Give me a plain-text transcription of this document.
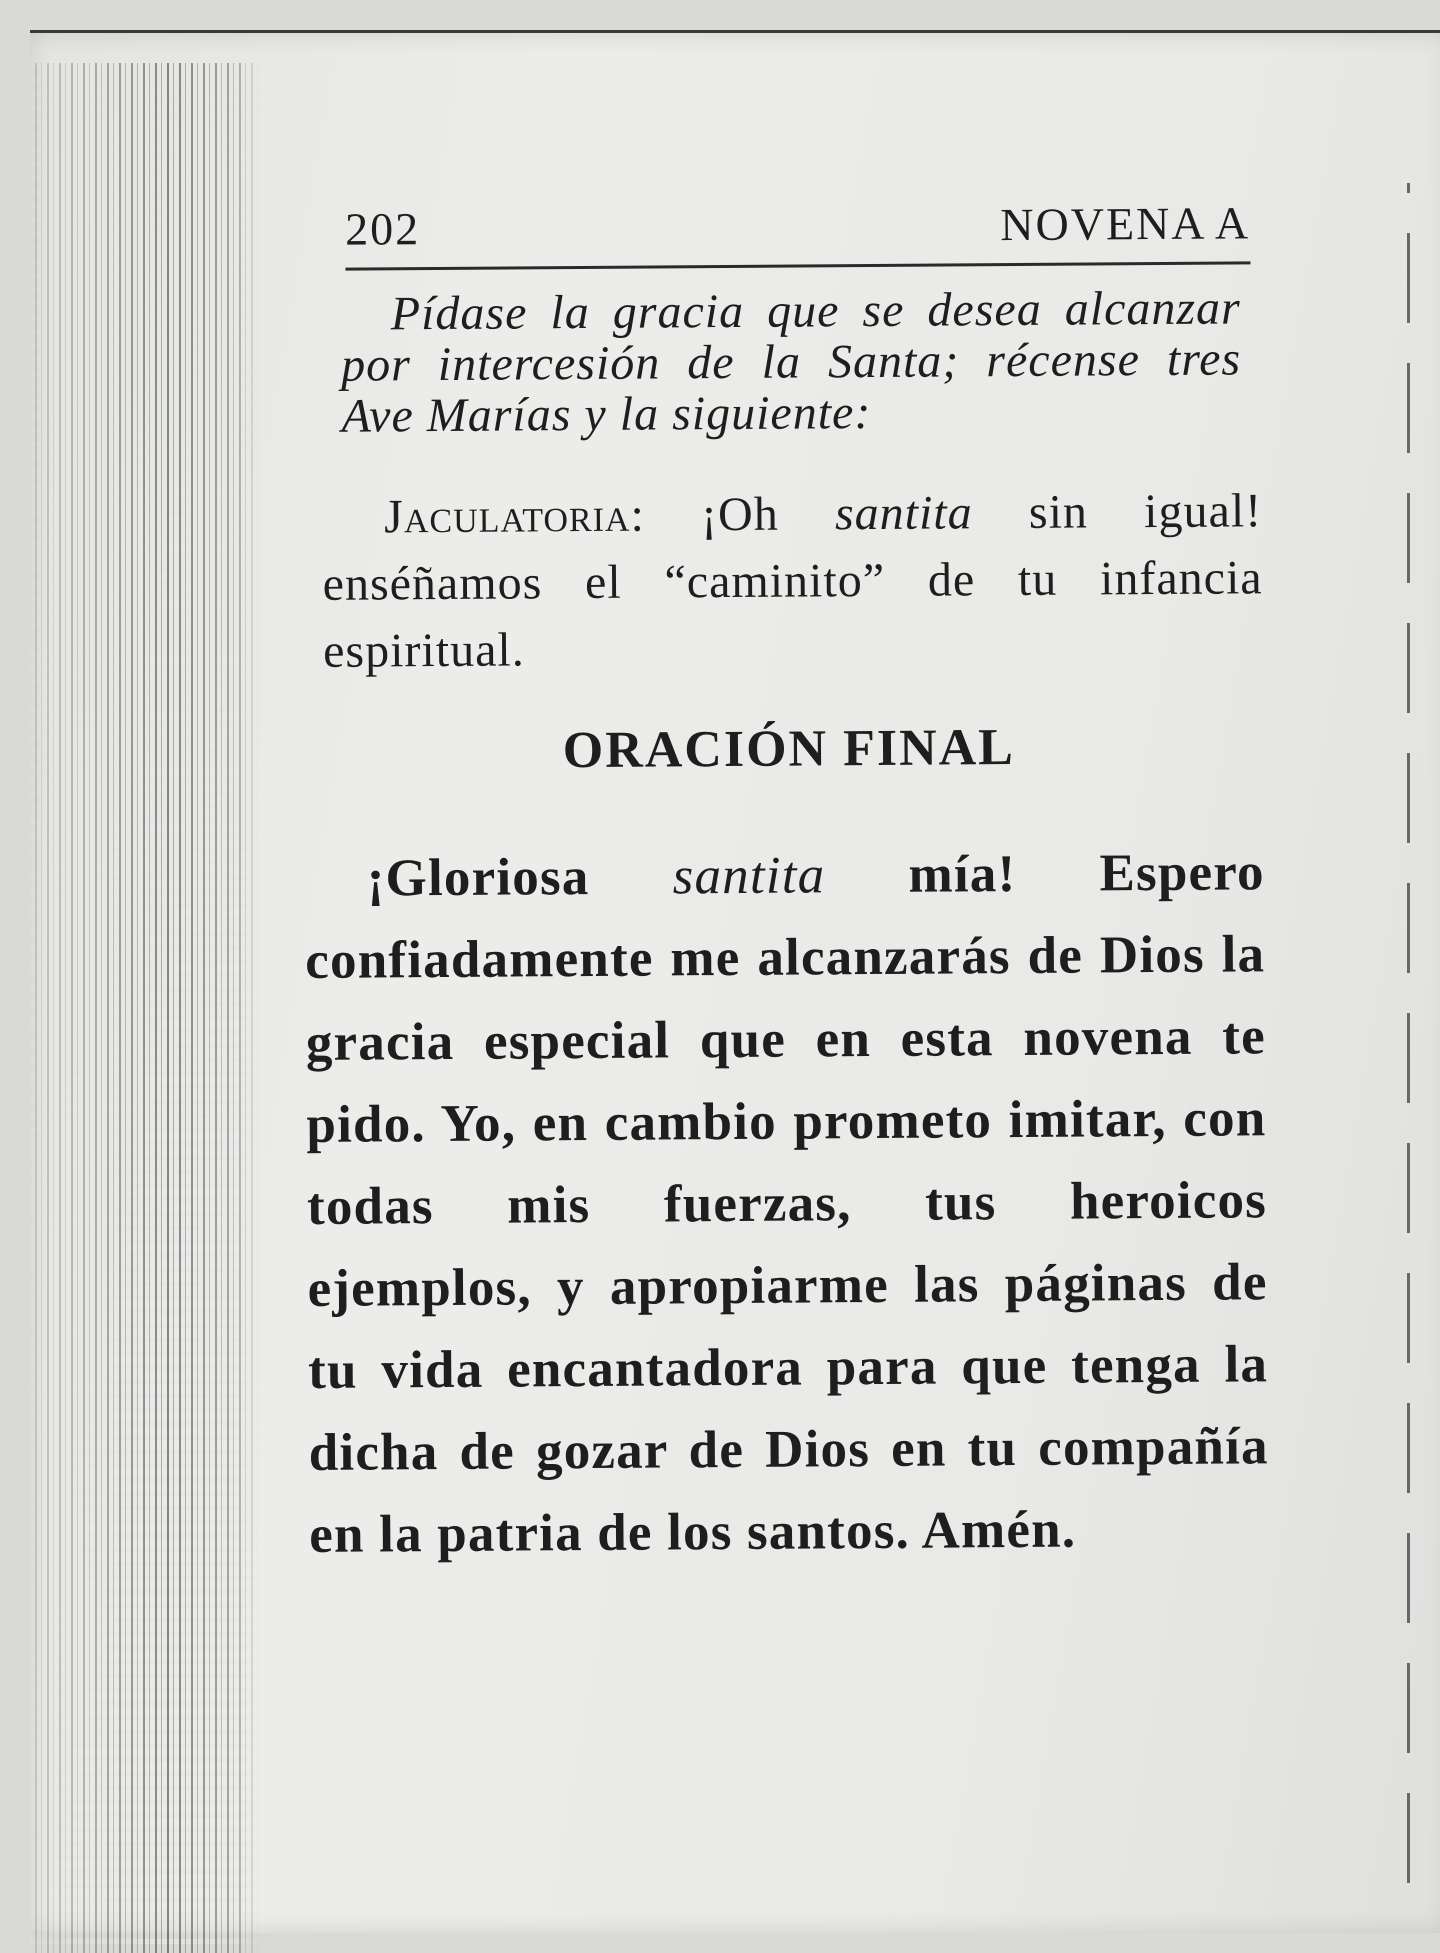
202	NOVENA A

Pídase la gracia que se desea alcanzar por intercesión de la Santa; récense tres Ave Marías y la siguiente:

Jaculatoria: ¡Oh santita sin igual! enséñamos el “caminito” de tu infancia espiritual.

ORACIÓN FINAL

¡Gloriosa santita mía! Espero confiadamente me alcanzarás de Dios la gracia especial que en esta novena te pido. Yo, en cambio prometo imitar, con todas mis fuerzas, tus heroicos ejemplos, y apropiarme las páginas de tu vida encantadora para que tenga la dicha de gozar de Dios en tu compañía en la patria de los santos. Amén.
